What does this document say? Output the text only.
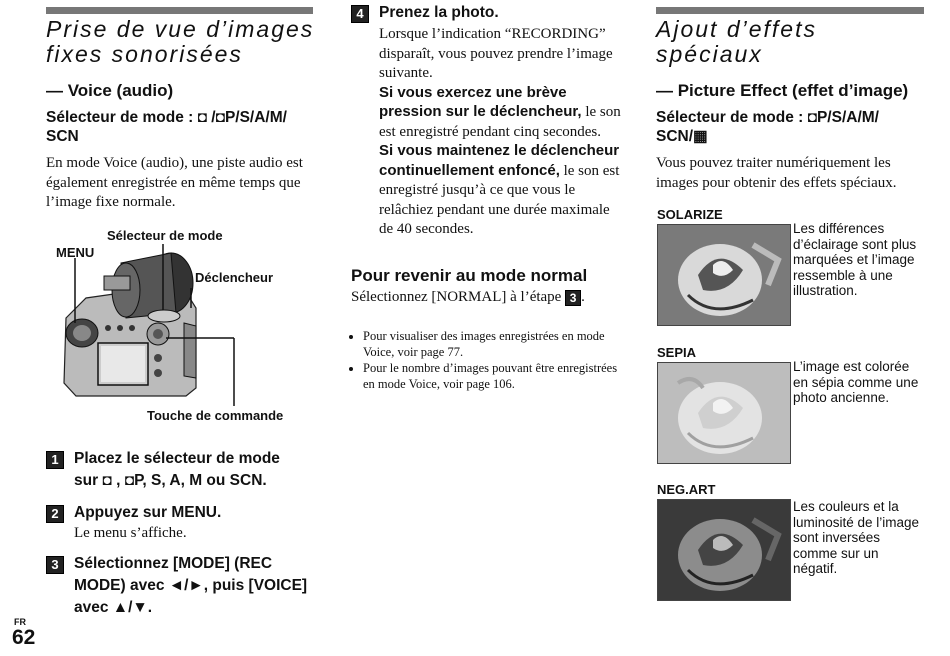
Prise de vue d’images
fixes sonorisées
— Voice (audio)
Sélecteur de mode : ◘ /◘P/S/A/M/
SCN

En mode Voice (audio), une piste audio est également enregistrée en même temps que l’image fixe normale.

Sélecteur de mode
MENU
Déclencheur
Touche de commande
1 Placez le sélecteur de mode
sur ◘ , ◘P, S, A, M ou SCN.
2 Appuyez sur MENU.
Le menu s’affiche.
3 Sélectionnez [MODE] (REC
MODE) avec ◄/►, puis [VOICE]
avec ▲/▼.
FR
62
4 Prenez la photo.

Lorsque l’indication “RECORDING” disparaît, vous pouvez prendre l’image suivante.

Si vous exercez une brève pression sur le déclencheur, le son est enregistré pendant cinq secondes.

Si vous maintenez le déclencheur continuellement enfoncé, le son est enregistré jusqu’à ce que vous le relâchiez pendant une durée maximale de 40 secondes.

Pour revenir au mode normal

Sélectionnez [NORMAL] à l’étape 3 .

• Pour visualiser des images enregistrées en mode Voice, voir page 77.
• Pour le nombre d’images pouvant être enregistrées en mode Voice, voir page 106.
Ajout d’effets
spéciaux
— Picture Effect (effet d’image)
Sélecteur de mode : ◘P/S/A/M/
SCN/▦

Vous pouvez traiter numériquement les images pour obtenir des effets spéciaux.

SOLARIZE
Les différences d’éclairage sont plus marquées et l’image ressemble à une illustration.
SEPIA
L’image est colorée en sépia comme une photo ancienne.
NEG.ART
Les couleurs et la luminosité de l’image sont inversées comme sur un négatif.
